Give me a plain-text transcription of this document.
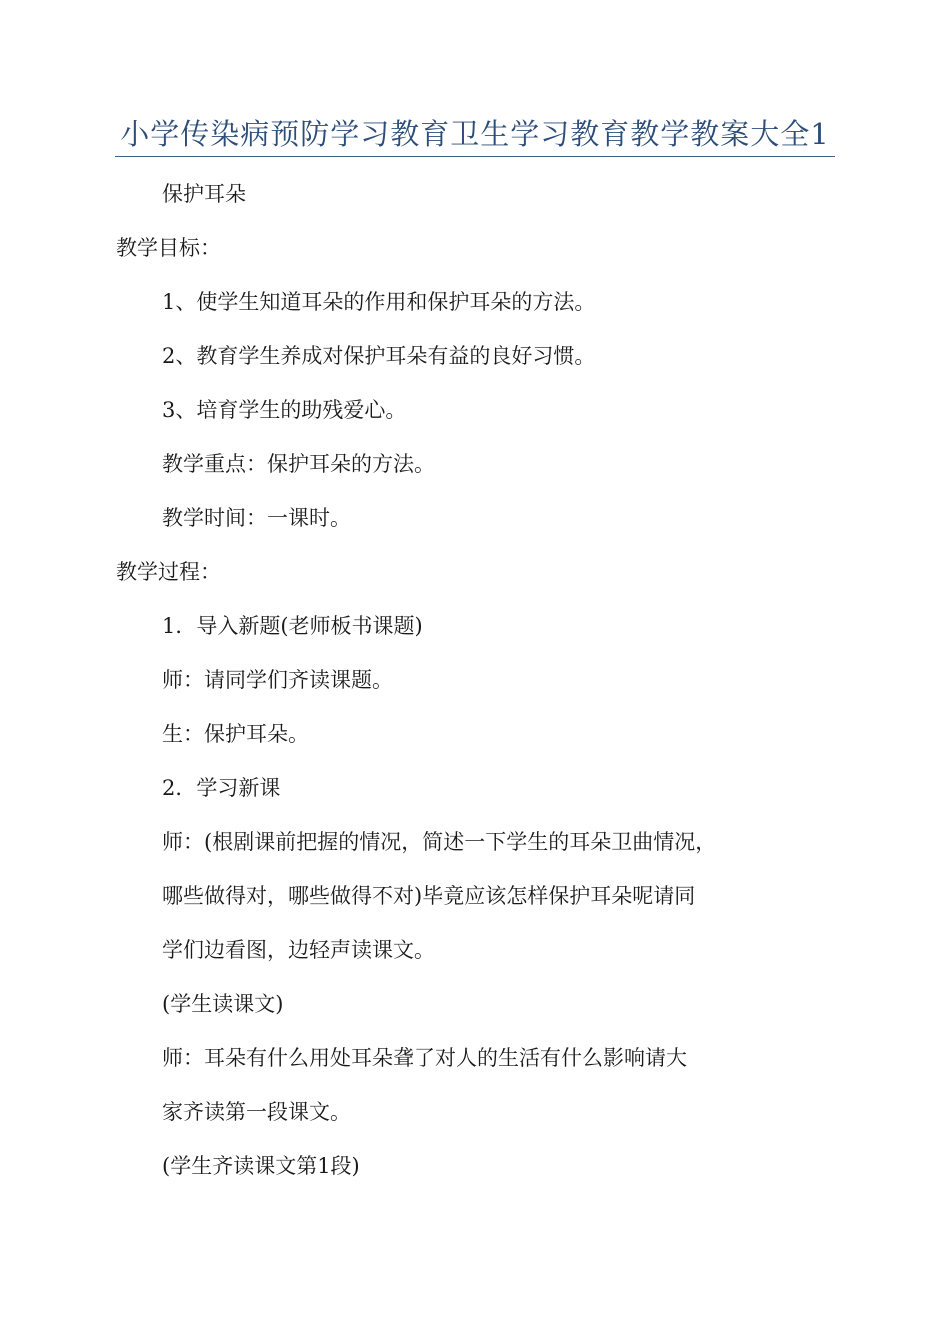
小学传染病预防学习教育卫生学习教育教学教案大全1
保护耳朵
教学目标：
1、使学生知道耳朵的作用和保护耳朵的方法。
2、教育学生养成对保护耳朵有益的良好习惯。
3、培育学生的助残爱心。
教学重点：保护耳朵的方法。
教学时间：一课时。
教学过程：
1．导入新题(老师板书课题)
师：请同学们齐读课题。
生：保护耳朵。
2．学习新课
师：(根剧课前把握的情况，简述一下学生的耳朵卫曲情况，
哪些做得对，哪些做得不对)毕竟应该怎样保护耳朵呢请同
学们边看图，边轻声读课文。
(学生读课文)
师：耳朵有什么用处耳朵聋了对人的生活有什么影响请大
家齐读第一段课文。
(学生齐读课文第1段)
